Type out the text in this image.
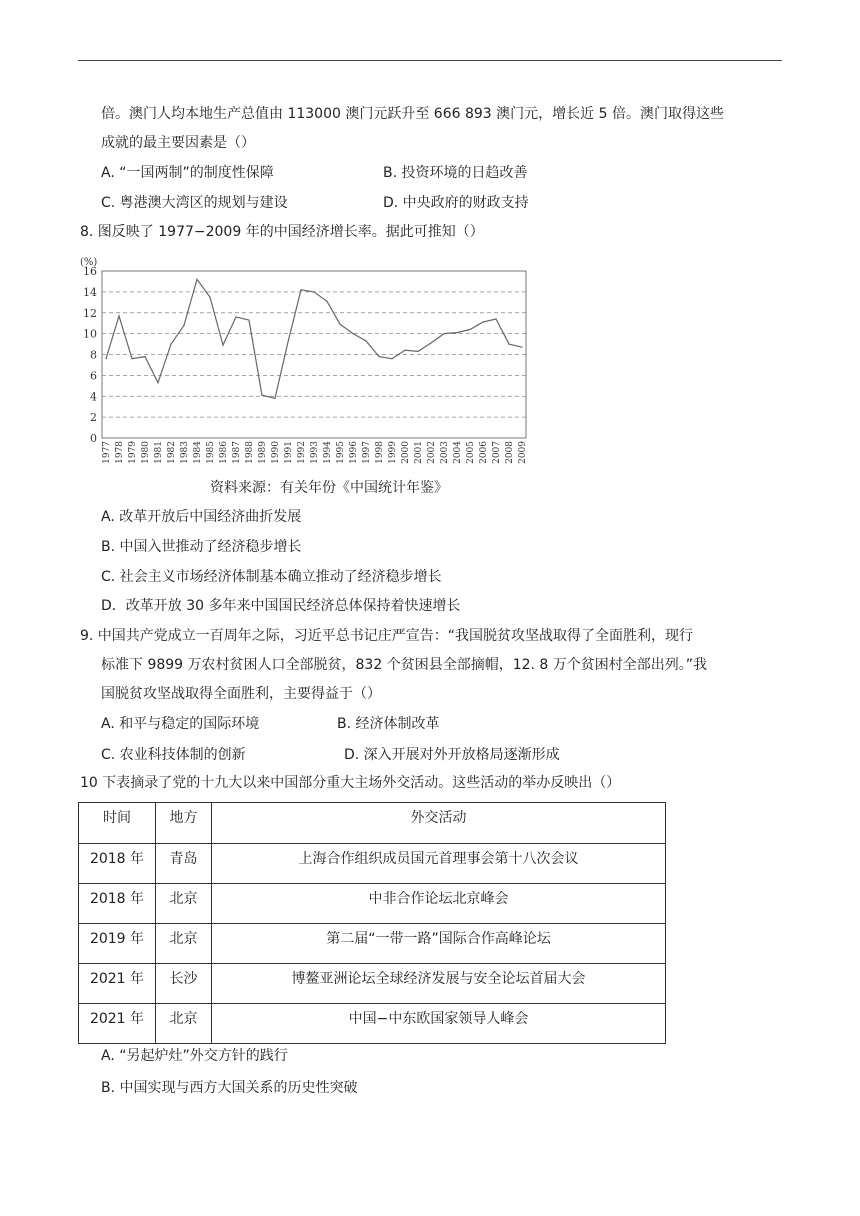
倍。澳门人均本地生产总值由 113000 澳门元跃升至 666 893 澳门元，增长近 5 倍。澳门取得这些
成就的最主要因素是（）
A. “一国两制”的制度性保障	B. 投资环境的日趋改善
C. 粤港澳大湾区的规划与建设	D. 中央政府的财政支持
8. 图反映了 1977−2009 年的中国经济增长率。据此可推知（）
0
2
4
6
8
10
12
14
16
(%)
1977 1978 1979 1980 1981 1982 1983 1984 1985 1986 1987 1988 1989 1990 1991 1992 1993 1994 1995 1996 1997 1998 1999 2000 2001 2002 2003 2004 2005 2006 2007 2008 2009
资料来源：有关年份《中国统计年鉴》
A. 改革开放后中国经济曲折发展
B. 中国入世推动了经济稳步增长
C. 社会主义市场经济体制基本确立推动了经济稳步增长
D．改革开放 30 多年来中国国民经济总体保持着快速增长
9. 中国共产党成立一百周年之际，习近平总书记庄严宣告：“我国脱贫攻坚战取得了全面胜利，现行
标准下 9899 万农村贫困人口全部脱贫，832 个贫困县全部摘帽，12. 8 万个贫困村全部出列。”我
国脱贫攻坚战取得全面胜利，主要得益于（）
A. 和平与稳定的国际环境	B. 经济体制改革
C. 农业科技体制的创新	D. 深入开展对外开放格局逐渐形成
10 下表摘录了党的十九大以来中国部分重大主场外交活动。这些活动的举办反映出（）
时间	地方	外交活动
2018 年	青岛	上海合作组织成员国元首理事会第十八次会议
2018 年	北京	中非合作论坛北京峰会
2019 年	北京	第二届“一带一路”国际合作高峰论坛
2021 年	长沙	博鳌亚洲论坛全球经济发展与安全论坛首届大会
2021 年	北京	中国−中东欧国家领导人峰会
A. “另起炉灶”外交方针的践行
B. 中国实现与西方大国关系的历史性突破
